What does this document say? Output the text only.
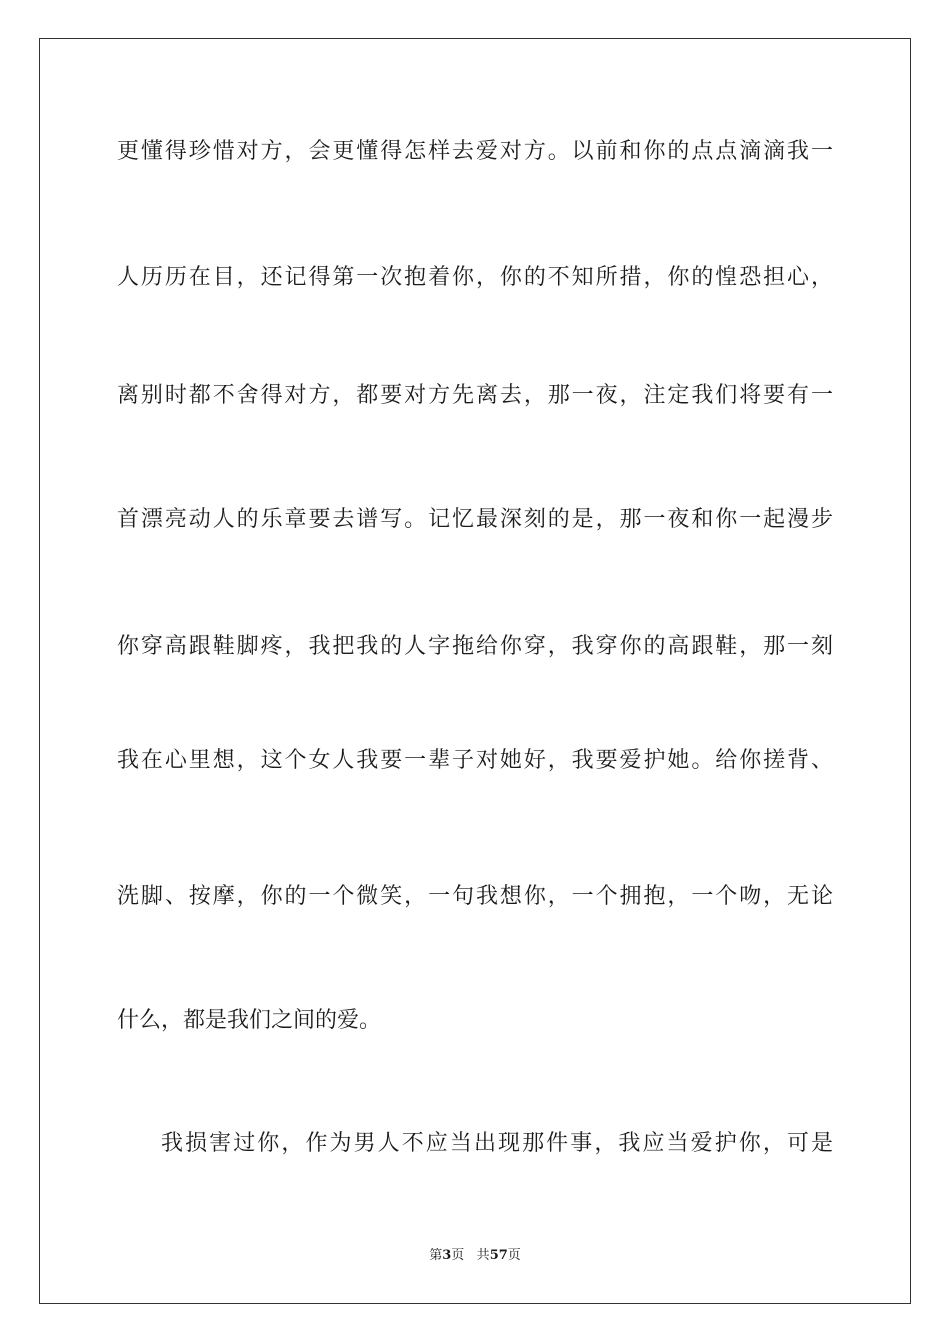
更懂得珍惜对方，会更懂得怎样去爱对方。以前和你的点点滴滴我一
人历历在目，还记得第一次抱着你，你的不知所措，你的惶恐担心，
离别时都不舍得对方，都要对方先离去，那一夜，注定我们将要有一
首漂亮动人的乐章要去谱写。记忆最深刻的是，那一夜和你一起漫步
你穿高跟鞋脚疼，我把我的人字拖给你穿，我穿你的高跟鞋，那一刻
我在心里想，这个女人我要一辈子对她好，我要爱护她。给你搓背、
洗脚、按摩，你的一个微笑，一句我想你，一个拥抱，一个吻，无论
什么，都是我们之间的爱。
我损害过你，作为男人不应当出现那件事，我应当爱护你，可是
第3页 共57页
